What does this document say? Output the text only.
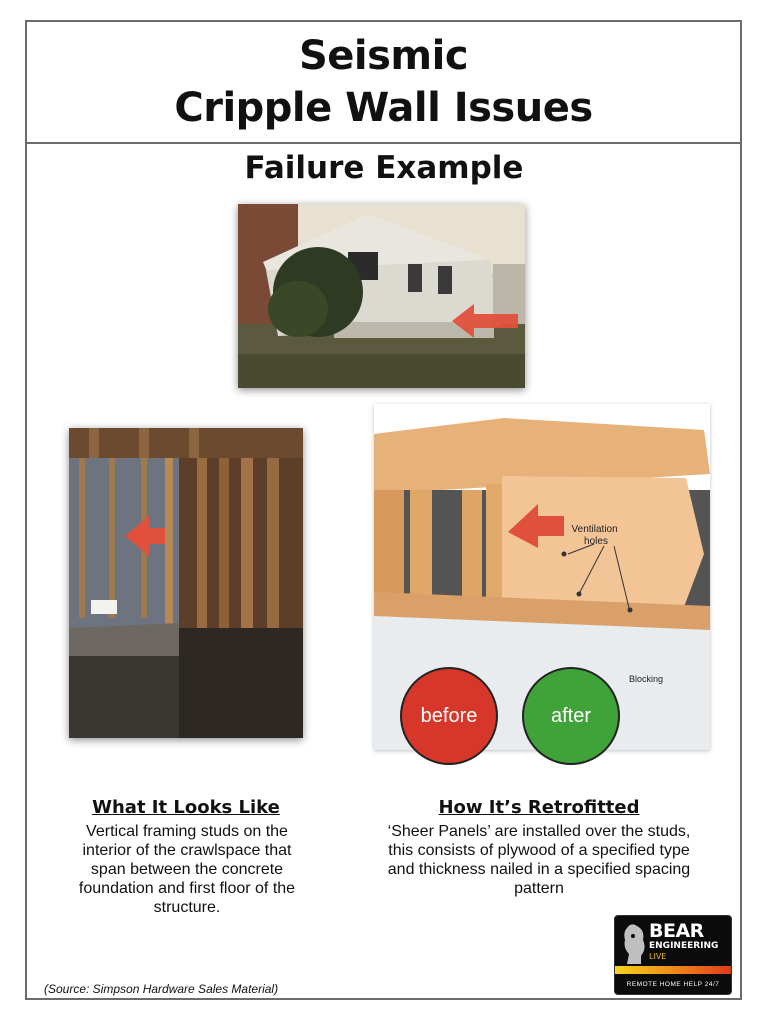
Seismic
Cripple Wall Issues
Failure Example
Ventilation holes
Blocking
before	after
What It Looks Like
Vertical framing studs on the
interior of the crawlspace that
span between the concrete
foundation and first floor of the
structure.
How It’s Retrofitted
‘Sheer Panels’ are installed over the studs,
this consists of plywood of a specified type
and thickness nailed in a specified spacing
pattern
(Source: Simpson Hardware Sales Material)
BEAR
ENGINEERING
LIVE
REMOTE HOME HELP 24/7
